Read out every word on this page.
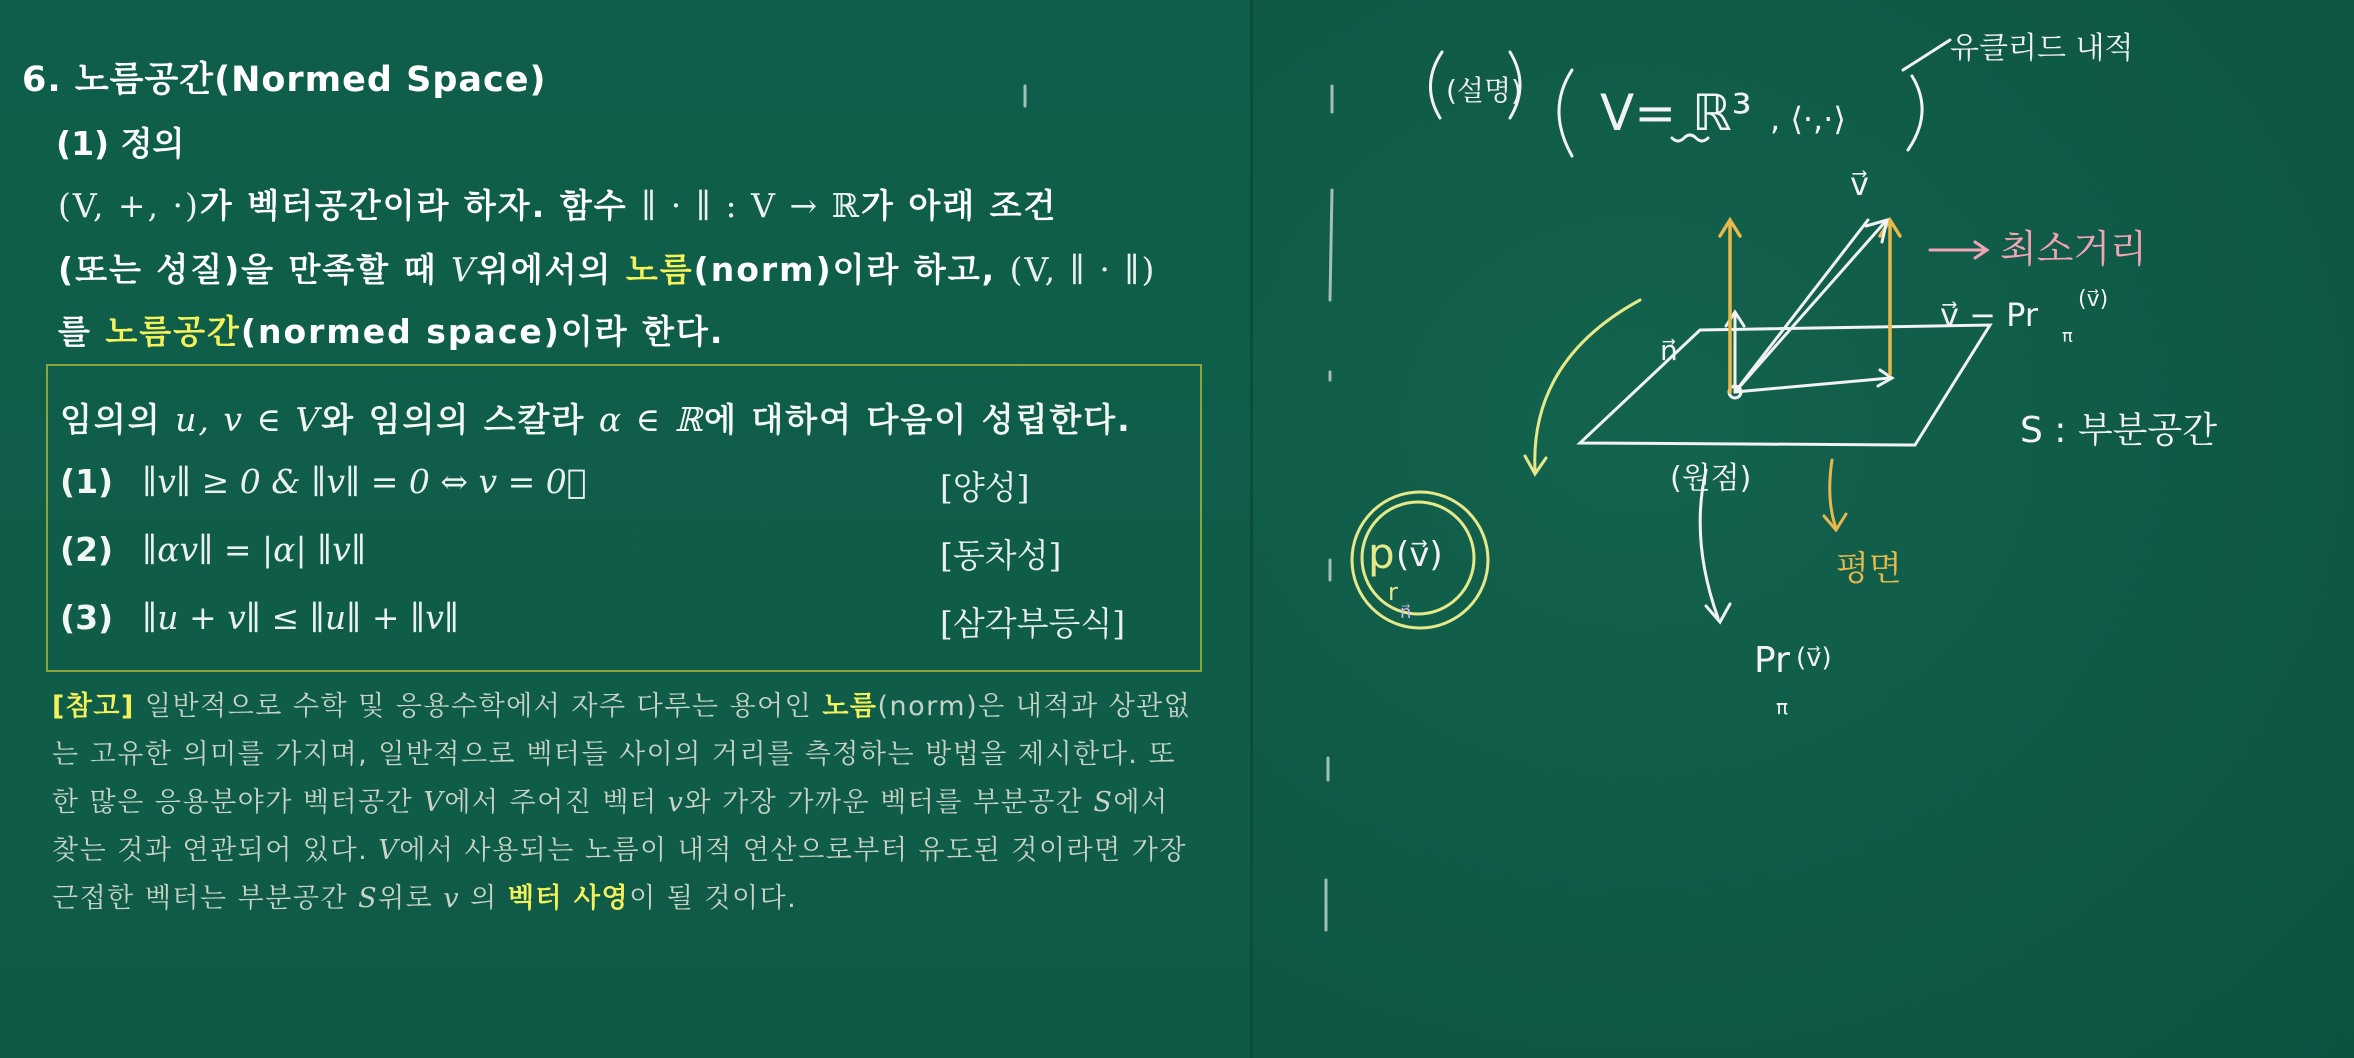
6. 노름공간(Normed Space)
(1) 정의
(V, +, ·)가 벡터공간이라 하자. 함수 ∥ · ∥ : V → ℝ가 아래 조건
(또는 성질)을 만족할 때 V위에서의 노름(norm)이라 하고, (V, ∥ · ∥)
를 노름공간(normed space)이라 한다.
임의의 u, v ∈ V와 임의의 스칼라 α ∈ ℝ에 대하여 다음이 성립한다.
(1) ∥v∥ ≥ 0 & ∥v∥ = 0 ⇔ v = 0⃗	[양성]
(2) ∥αv∥ = |α| ∥v∥	[동차성]
(3) ∥u + v∥ ≤ ∥u∥ + ∥v∥	[삼각부등식]
[참고] 일반적으로 수학 및 응용수학에서 자주 다루는 용어인 노름(norm)은 내적과 상관없
는 고유한 의미를 가지며, 일반적으로 벡터들 사이의 거리를 측정하는 방법을 제시한다. 또
한 많은 응용분야가 벡터공간 V에서 주어진 벡터 v와 가장 가까운 벡터를 부분공간 S에서
찾는 것과 연관되어 있다. V에서 사용되는 노름이 내적 연산으로부터 유도된 것이라면 가장
근접한 벡터는 부분공간 S위로 v 의 벡터 사영이 될 것이다.
(설명) V= ℝ³ , ⟨·,·⟩
유클리드 내적
v⃗
n⃗
최소거리
v⃗ − Pr
π
(v⃗)
S : 부분공간
p (v⃗)
r
n⃗
(원점)
평면
Pr (v⃗)
π
